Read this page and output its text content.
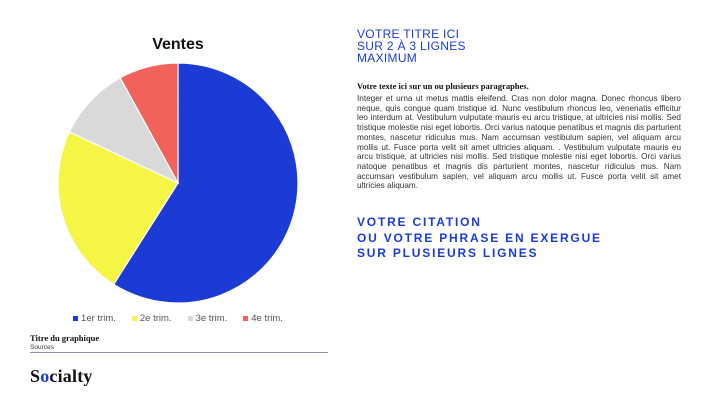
Ventes
1er trim.	2e trim.	3e trim.	4e trim.
Titre du graphique
Sources
Socialty
VOTRE TITRE ICI
SUR 2 À 3 LIGNES
MAXIMUM
Votre texte ici sur un ou plusieurs paragraphes.
Integer et urna ut metus mattis eleifend. Cras non dolor magna. Donec rhoncus libero neque, quis congue quam tristique id. Nunc vestibulum rhoncus leo, venenatis efficitur leo interdum at. Vestibulum vulputate mauris eu arcu tristique, at ultricies nisi mollis. Sed tristique molestie nisi eget lobortis. Orci varius natoque penatibus et magnis dis parturient montes, nascetur ridiculus mus. Nam accumsan vestibulum sapien, vel aliquam arcu mollis ut. Fusce porta velit sit amet ultricies aliquam. . Vestibulum vulputate mauris eu arcu tristique, at ultricies nisi mollis. Sed tristique molestie nisi eget lobortis. Orci varius natoque penatibus et magnis dis parturient montes, nascetur ridiculus mus. Nam accumsan vestibulum sapien, vel aliquam arcu mollis ut. Fusce porta velit sit amet ultricies aliquam.
VOTRE CITATION
OU VOTRE PHRASE EN EXERGUE
SUR PLUSIEURS LIGNES
